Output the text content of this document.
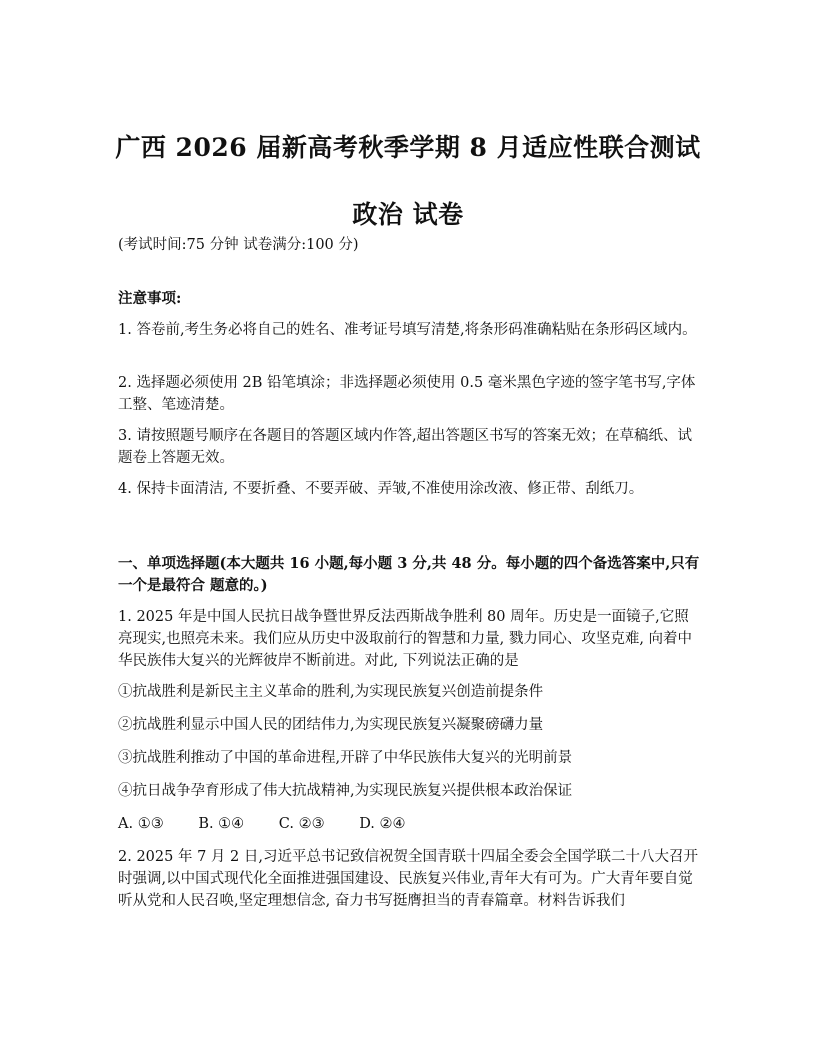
广西 2026 届新高考秋季学期 8 月适应性联合测试
政治 试卷
(考试时间:75 分钟 试卷满分:100 分)
注意事项:
1. 答卷前,考生务必将自己的姓名、准考证号填写清楚,将条形码准确粘贴在条形码区域内。
2. 选择题必须使用 2B 铅笔填涂；非选择题必须使用 0.5 毫米黑色字迹的签字笔书写,字体工整、笔迹清楚。
3. 请按照题号顺序在各题目的答题区域内作答,超出答题区书写的答案无效；在草稿纸、试题卷上答题无效。
4. 保持卡面清洁, 不要折叠、不要弄破、弄皱,不准使用涂改液、修正带、刮纸刀。
一、单项选择题(本大题共 16 小题,每小题 3 分,共 48 分。每小题的四个备选答案中,只有一个是最符合 题意的。)
1. 2025 年是中国人民抗日战争暨世界反法西斯战争胜利 80 周年。历史是一面镜子,它照亮现实,也照亮未来。我们应从历史中汲取前行的智慧和力量, 戮力同心、攻坚克难, 向着中华民族伟大复兴的光辉彼岸不断前进。对此, 下列说法正确的是
①抗战胜利是新民主主义革命的胜利,为实现民族复兴创造前提条件
②抗战胜利显示中国人民的团结伟力,为实现民族复兴凝聚磅礴力量
③抗战胜利推动了中国的革命进程,开辟了中华民族伟大复兴的光明前景
④抗日战争孕育形成了伟大抗战精神,为实现民族复兴提供根本政治保证
A. ①③ B. ①④ C. ②③ D. ②④
2. 2025 年 7 月 2 日,习近平总书记致信祝贺全国青联十四届全委会全国学联二十八大召开时强调,以中国式现代化全面推进强国建设、民族复兴伟业,青年大有可为。广大青年要自觉听从党和人民召唤,坚定理想信念, 奋力书写挺膺担当的青春篇章。材料告诉我们
